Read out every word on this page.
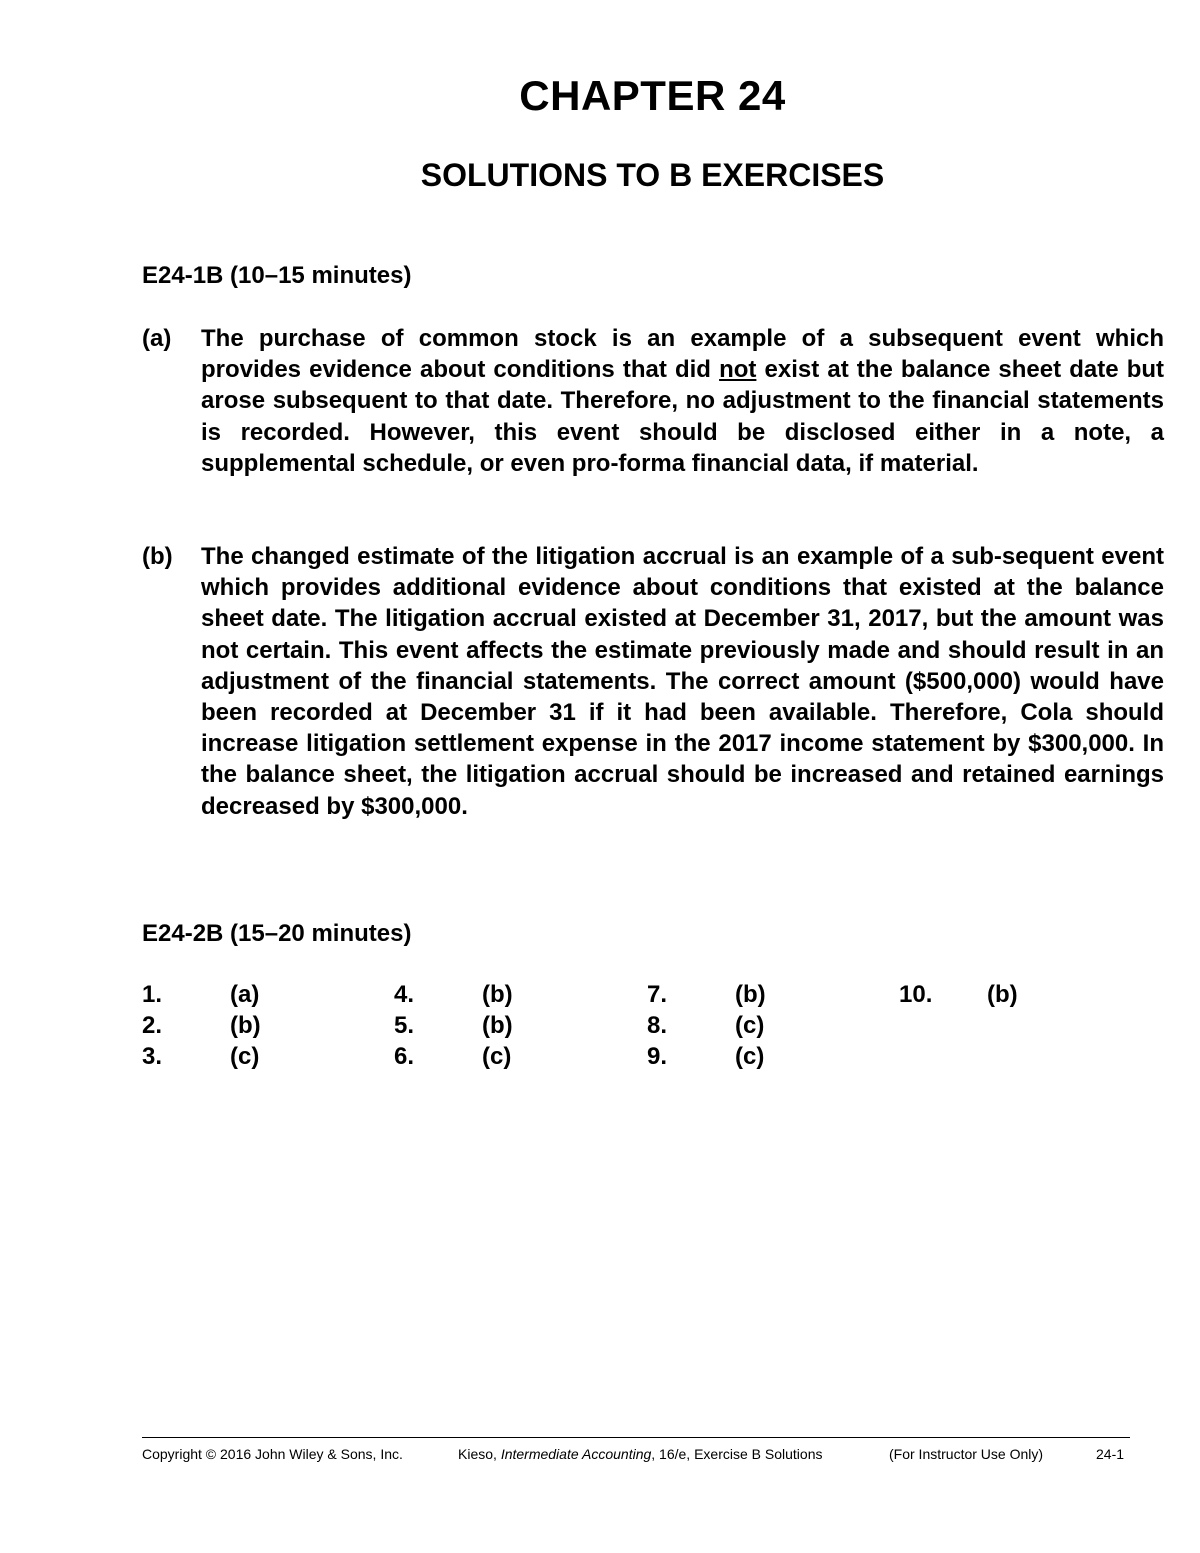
CHAPTER 24
SOLUTIONS TO B EXERCISES
E24-1B (10–15 minutes)
(a) The purchase of common stock is an example of a subsequent event which provides evidence about conditions that did not exist at the balance sheet date but arose subsequent to that date. Therefore, no adjustment to the financial statements is recorded. However, this event should be disclosed either in a note, a supplemental schedule, or even pro-forma financial data, if material.
(b) The changed estimate of the litigation accrual is an example of a sub-sequent event which provides additional evidence about conditions that existed at the balance sheet date. The litigation accrual existed at December 31, 2017, but the amount was not certain. This event affects the estimate previously made and should result in an adjustment of the financial statements. The correct amount ($500,000) would have been recorded at December 31 if it had been available. Therefore, Cola should increase litigation settlement expense in the 2017 income statement by $300,000. In the balance sheet, the litigation accrual should be increased and retained earnings decreased by $300,000.
E24-2B (15–20 minutes)
1.	(a)
2.	(b)
3.	(c)
4.	(b)
5.	(b)
6.	(c)
7.	(b)
8.	(c)
9.	(c)
10. (b)
Copyright © 2016 John Wiley & Sons, Inc.	Kieso, Intermediate Accounting, 16/e, Exercise B Solutions	(For Instructor Use Only)	24-1
